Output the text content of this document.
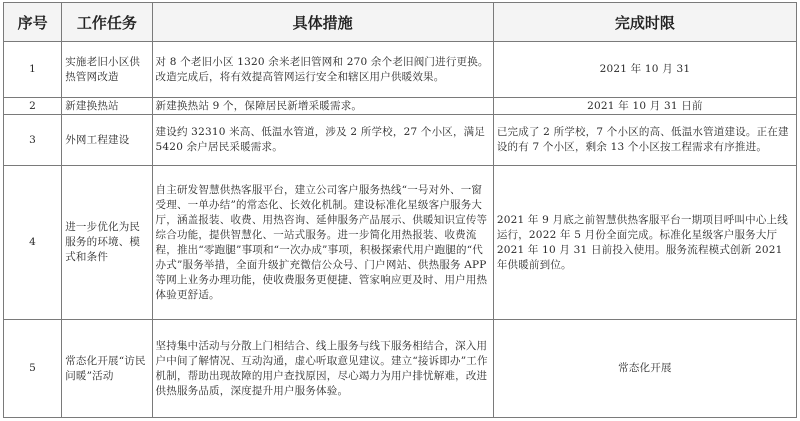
序号	工作任务	具体措施	完成时限
1	实施老旧小区供热管网改造	对 8 个老旧小区 1320 余米老旧管网和 270 余个老旧阀门进行更换。改造完成后，将有效提高管网运行安全和辖区用户供暖效果。	2021 年 10 月 31
2	新建换热站	新建换热站 9 个，保障居民新增采暖需求。	2021 年 10 月 31 日前
3	外网工程建设	建设约 32310 米高、低温水管道，涉及 2 所学校，27 个小区，满足 5420 余户居民采暖需求。	已完成了 2 所学校，7 个小区的高、低温水管道建设。正在建设的有 7 个小区，剩余 13 个小区按工程需求有序推进。
4	进一步优化为民服务的环境、模式和条件	自主研发智慧供热客服平台，建立公司客户服务热线“一号对外、一窗受理、一单办结”的常态化、长效化机制。建设标准化星级客户服务大厅，涵盖报装、收费、用热咨询、延伸服务产品展示、供暖知识宣传等综合功能，提供智慧化、一站式服务。进一步简化用热报装、收费流程，推出“零跑腿”事项和“一次办成”事项，积极探索代用户跑腿的“代办式”服务举措，全面升级扩充微信公众号、门户网站、供热服务 APP 等网上业务办理功能，使收费服务更便捷、管家响应更及时、用户用热体验更舒适。	2021 年 9 月底之前智慧供热客服平台一期项目呼叫中心上线运行，2022 年 5 月份全面完成。标准化星级客户服务大厅 2021 年 10 月 31 日前投入使用。服务流程模式创新 2021 年供暖前到位。
5	常态化开展“访民问暖”活动	坚持集中活动与分散上门相结合、线上服务与线下服务相结合，深入用户中间了解情况、互动沟通，虚心听取意见建议。建立“接诉即办”工作机制，帮助出现故障的用户查找原因，尽心竭力为用户排忧解难，改进供热服务品质，深度提升用户服务体验。	常态化开展
